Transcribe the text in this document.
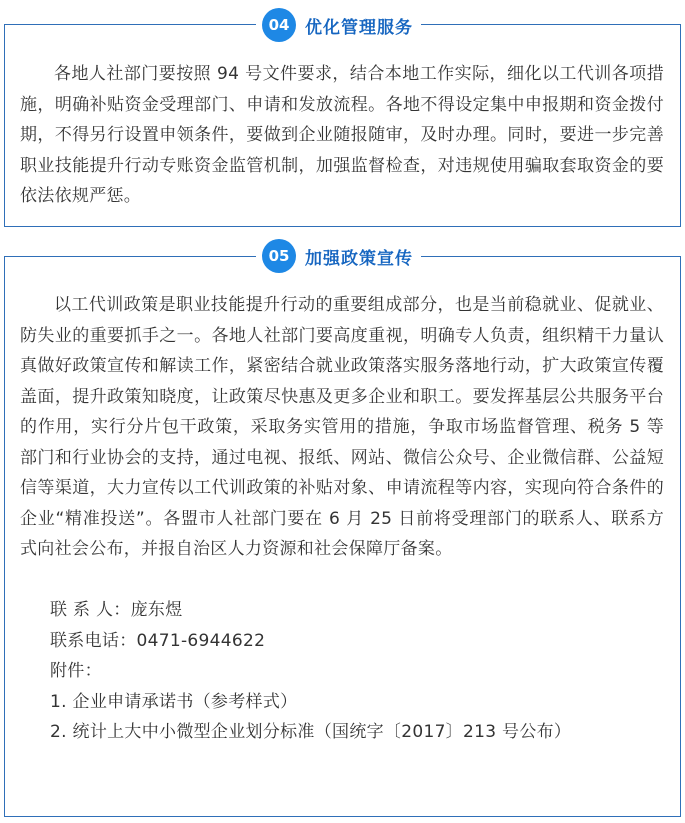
04 优化管理服务

各地人社部门要按照 94 号文件要求，结合本地工作实际，细化以工代训各项措施，明确补贴资金受理部门、申请和发放流程。各地不得设定集中申报期和资金拨付期，不得另行设置申领条件，要做到企业随报随审，及时办理。同时，要进一步完善职业技能提升行动专账资金监管机制，加强监督检查，对违规使用骗取套取资金的要依法依规严惩。

05 加强政策宣传

以工代训政策是职业技能提升行动的重要组成部分，也是当前稳就业、促就业、防失业的重要抓手之一。各地人社部门要高度重视，明确专人负责，组织精干力量认真做好政策宣传和解读工作，紧密结合就业政策落实服务落地行动，扩大政策宣传覆盖面，提升政策知晓度，让政策尽快惠及更多企业和职工。要发挥基层公共服务平台的作用，实行分片包干政策，采取务实管用的措施，争取市场监督管理、税务 5 等部门和行业协会的支持，通过电视、报纸、网站、微信公众号、企业微信群、公益短信等渠道，大力宣传以工代训政策的补贴对象、申请流程等内容，实现向符合条件的企业“精准投送”。各盟市人社部门要在 6 月 25 日前将受理部门的联系人、联系方式向社会公布，并报自治区人力资源和社会保障厅备案。

联 系 人：庞东煜
联系电话：0471-6944622
附件：
1. 企业申请承诺书（参考样式）
2. 统计上大中小微型企业划分标准（国统字〔2017〕213 号公布）
